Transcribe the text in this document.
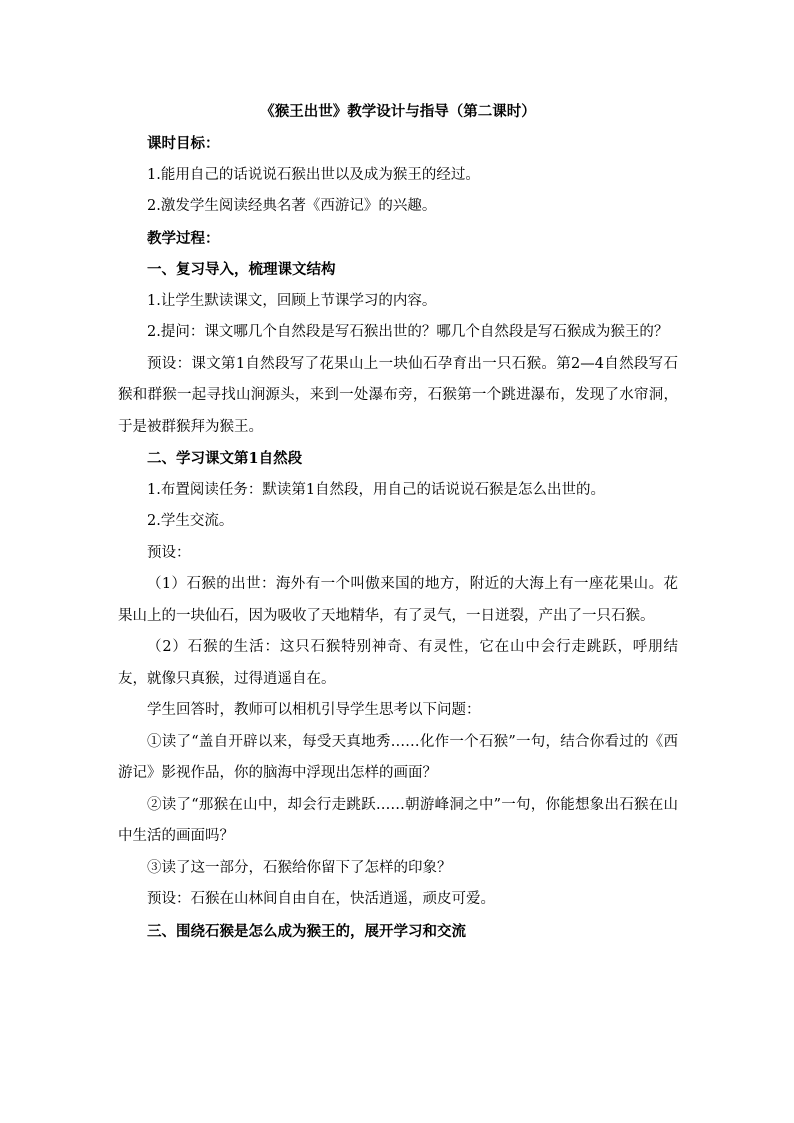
《猴王出世》教学设计与指导（第二课时）

课时目标：

1.能用自己的话说说石猴出世以及成为猴王的经过。

2.激发学生阅读经典名著《西游记》的兴趣。

教学过程：

一、复习导入，梳理课文结构

1.让学生默读课文，回顾上节课学习的内容。

2.提问：课文哪几个自然段是写石猴出世的？哪几个自然段是写石猴成为猴王的？

预设：课文第1自然段写了花果山上一块仙石孕育出一只石猴。第2—4自然段写石猴和群猴一起寻找山涧源头，来到一处瀑布旁，石猴第一个跳进瀑布，发现了水帘洞，于是被群猴拜为猴王。

二、学习课文第1自然段

1.布置阅读任务：默读第1自然段，用自己的话说说石猴是怎么出世的。

2.学生交流。

预设：

（1）石猴的出世：海外有一个叫傲来国的地方，附近的大海上有一座花果山。花果山上的一块仙石，因为吸收了天地精华，有了灵气，一日迸裂，产出了一只石猴。

（2）石猴的生活：这只石猴特别神奇、有灵性，它在山中会行走跳跃，呼朋结友，就像只真猴，过得逍遥自在。

学生回答时，教师可以相机引导学生思考以下问题：

①读了“盖自开辟以来，每受天真地秀……化作一个石猴”一句，结合你看过的《西游记》影视作品，你的脑海中浮现出怎样的画面？

②读了“那猴在山中，却会行走跳跃……朝游峰洞之中”一句，你能想象出石猴在山中生活的画面吗？

③读了这一部分，石猴给你留下了怎样的印象？

预设：石猴在山林间自由自在，快活逍遥，顽皮可爱。

三、围绕石猴是怎么成为猴王的，展开学习和交流
